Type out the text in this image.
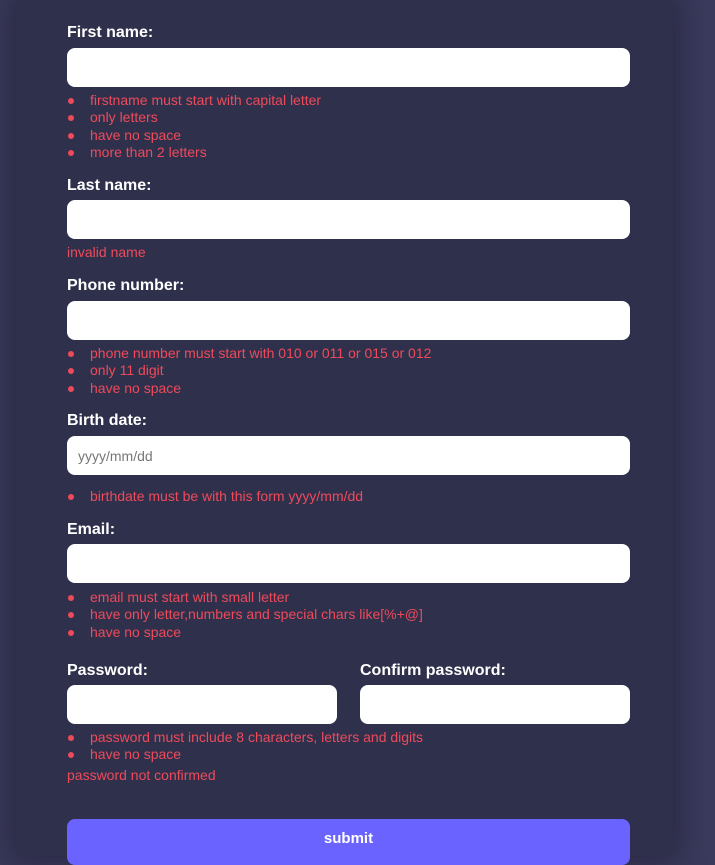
First name:
firstname must start with capital letter
only letters
have no space
more than 2 letters
Last name:
invalid name
Phone number:
phone number must start with 010 or 011 or 015 or 012
only 11 digit
have no space
Birth date:
yyyy/mm/dd
birthdate must be with this form yyyy/mm/dd
Email:
email must start with small letter
have only letter,numbers and special chars like[%+@]
have no space
Password:	Confirm password:
password must include 8 characters, letters and digits
have no space
password not confirmed
submit
